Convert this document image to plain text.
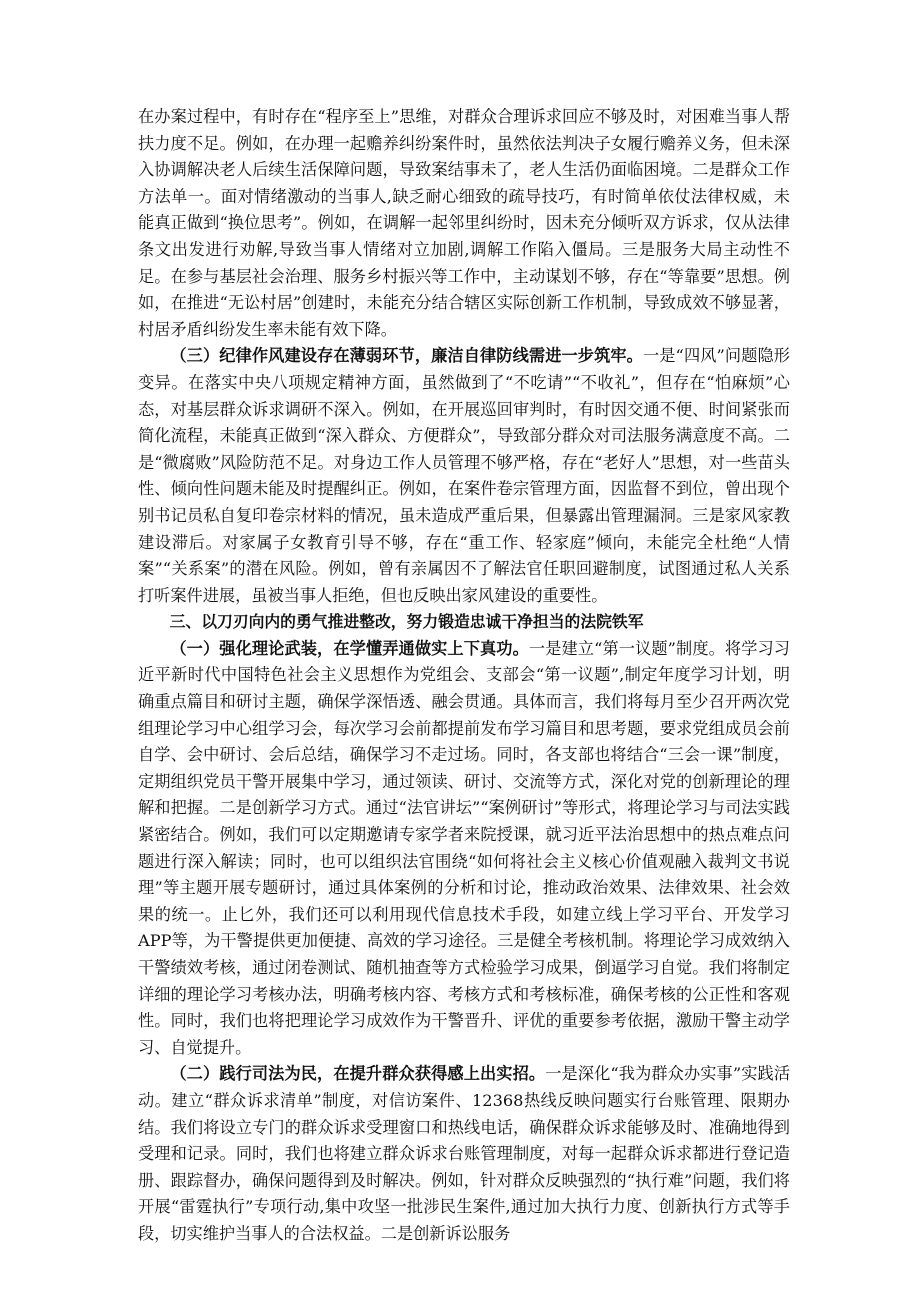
在办案过程中，有时存在“程序至上”思维，对群众合理诉求回应不够及时，对困难当事人帮扶力度不足。例如，在办理一起赡养纠纷案件时，虽然依法判决子女履行赡养义务，但未深入协调解决老人后续生活保障问题，导致案结事未了，老人生活仍面临困境。二是群众工作方法单一。面对情绪激动的当事人,缺乏耐心细致的疏导技巧，有时简单依仗法律权威，未能真正做到“换位思考”。例如，在调解一起邻里纠纷时，因未充分倾听双方诉求，仅从法律条文出发进行劝解,导致当事人情绪对立加剧,调解工作陷入僵局。三是服务大局主动性不足。在参与基层社会治理、服务乡村振兴等工作中，主动谋划不够，存在“等靠要”思想。例如，在推进“无讼村居”创建时，未能充分结合辖区实际创新工作机制，导致成效不够显著，村居矛盾纠纷发生率未能有效下降。

（三）纪律作风建设存在薄弱环节，廉洁自律防线需进一步筑牢。一是“四风”问题隐形变异。在落实中央八项规定精神方面，虽然做到了“不吃请”“不收礼”，但存在“怕麻烦”心态，对基层群众诉求调研不深入。例如，在开展巡回审判时，有时因交通不便、时间紧张而简化流程，未能真正做到“深入群众、方便群众”，导致部分群众对司法服务满意度不高。二是“微腐败”风险防范不足。对身边工作人员管理不够严格，存在“老好人”思想，对一些苗头性、倾向性问题未能及时提醒纠正。例如，在案件卷宗管理方面，因监督不到位，曾出现个别书记员私自复印卷宗材料的情况，虽未造成严重后果，但暴露出管理漏洞。三是家风家教建设滞后。对家属子女教育引导不够，存在“重工作、轻家庭”倾向，未能完全杜绝“人情案”“关系案”的潜在风险。例如，曾有亲属因不了解法官任职回避制度，试图通过私人关系打听案件进展，虽被当事人拒绝，但也反映出家风建设的重要性。

三、以刀刃向内的勇气推进整改，努力锻造忠诚干净担当的法院铁军

（一）强化理论武装，在学懂弄通做实上下真功。一是建立“第一议题”制度。将学习习近平新时代中国特色社会主义思想作为党组会、支部会“第一议题”,制定年度学习计划，明确重点篇目和研讨主题，确保学深悟透、融会贯通。具体而言，我们将每月至少召开两次党组理论学习中心组学习会，每次学习会前都提前发布学习篇目和思考题，要求党组成员会前自学、会中研讨、会后总结，确保学习不走过场。同时，各支部也将结合“三会一课”制度，定期组织党员干警开展集中学习，通过领读、研讨、交流等方式，深化对党的创新理论的理解和把握。二是创新学习方式。通过“法官讲坛”“案例研讨”等形式，将理论学习与司法实践紧密结合。例如，我们可以定期邀请专家学者来院授课，就习近平法治思想中的热点难点问题进行深入解读；同时，也可以组织法官围绕“如何将社会主义核心价值观融入裁判文书说理”等主题开展专题研讨，通过具体案例的分析和讨论，推动政治效果、法律效果、社会效果的统一。止匕外，我们还可以利用现代信息技术手段，如建立线上学习平台、开发学习APP等，为干警提供更加便捷、高效的学习途径。三是健全考核机制。将理论学习成效纳入干警绩效考核，通过闭卷测试、随机抽查等方式检验学习成果，倒逼学习自觉。我们将制定详细的理论学习考核办法，明确考核内容、考核方式和考核标准，确保考核的公正性和客观性。同时，我们也将把理论学习成效作为干警晋升、评优的重要参考依据，激励干警主动学习、自觉提升。

（二）践行司法为民，在提升群众获得感上出实招。一是深化“我为群众办实事”实践活动。建立“群众诉求清单”制度，对信访案件、12368热线反映问题实行台账管理、限期办结。我们将设立专门的群众诉求受理窗口和热线电话，确保群众诉求能够及时、准确地得到受理和记录。同时，我们也将建立群众诉求台账管理制度，对每一起群众诉求都进行登记造册、跟踪督办，确保问题得到及时解决。例如，针对群众反映强烈的“执行难”问题，我们将开展“雷霆执行”专项行动,集中攻坚一批涉民生案件,通过加大执行力度、创新执行方式等手段，切实维护当事人的合法权益。二是创新诉讼服务
